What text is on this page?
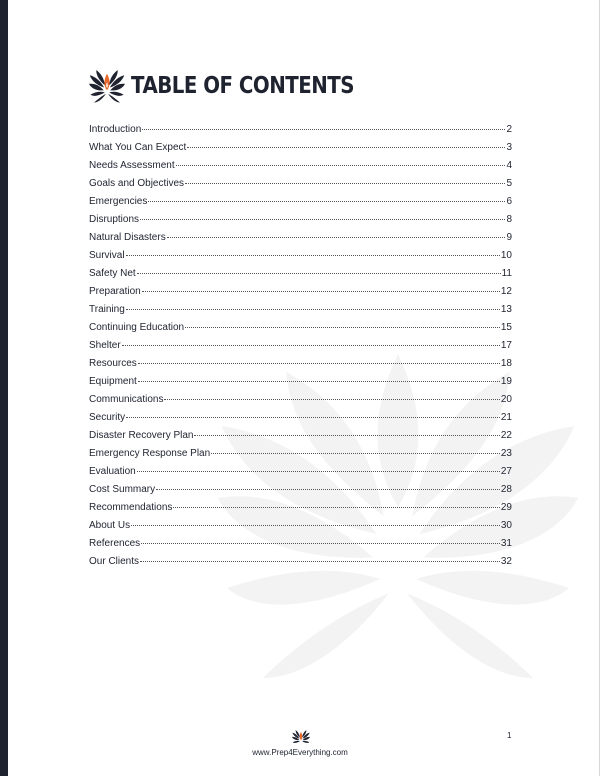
TABLE OF CONTENTS
Introduction	2
What You Can Expect	3
Needs Assessment	4
Goals and Objectives	5
Emergencies	6
Disruptions	8
Natural Disasters	9
Survival	10
Safety Net	11
Preparation	12
Training	13
Continuing Education	15
Shelter	17
Resources	18
Equipment	19
Communications	20
Security	21
Disaster Recovery Plan	22
Emergency Response Plan	23
Evaluation	27
Cost Summary	28
Recommendations	29
About Us	30
References	31
Our Clients	32
www.Prep4Everything.com
1
